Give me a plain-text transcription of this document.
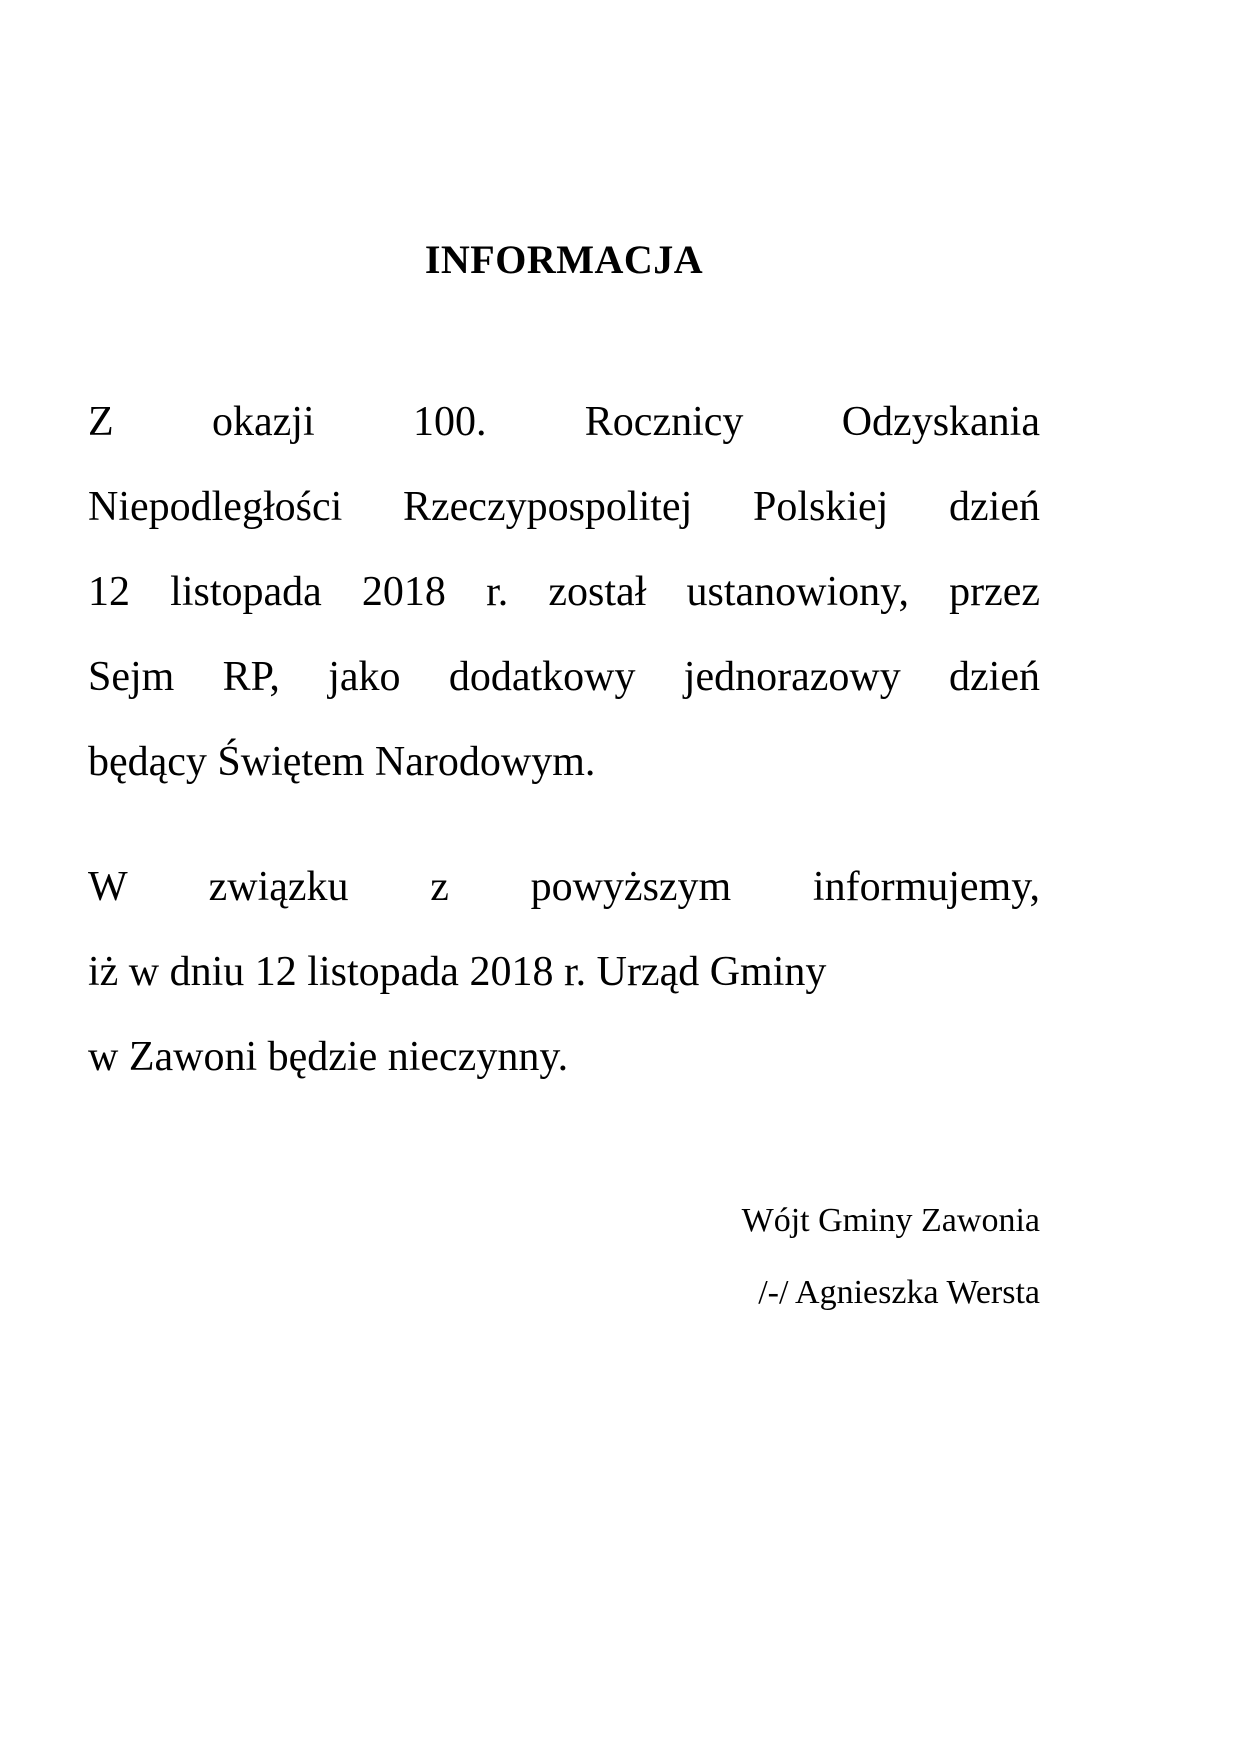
INFORMACJA

Z okazji 100. Rocznicy Odzyskania
Niepodległości Rzeczypospolitej Polskiej dzień
12 listopada 2018 r. został ustanowiony, przez
Sejm RP, jako dodatkowy jednorazowy dzień
będący Świętem Narodowym.

W związku z powyższym informujemy,
iż w dniu 12 listopada 2018 r. Urząd Gminy
w Zawoni będzie nieczynny.

Wójt Gminy Zawonia
/-/ Agnieszka Wersta
